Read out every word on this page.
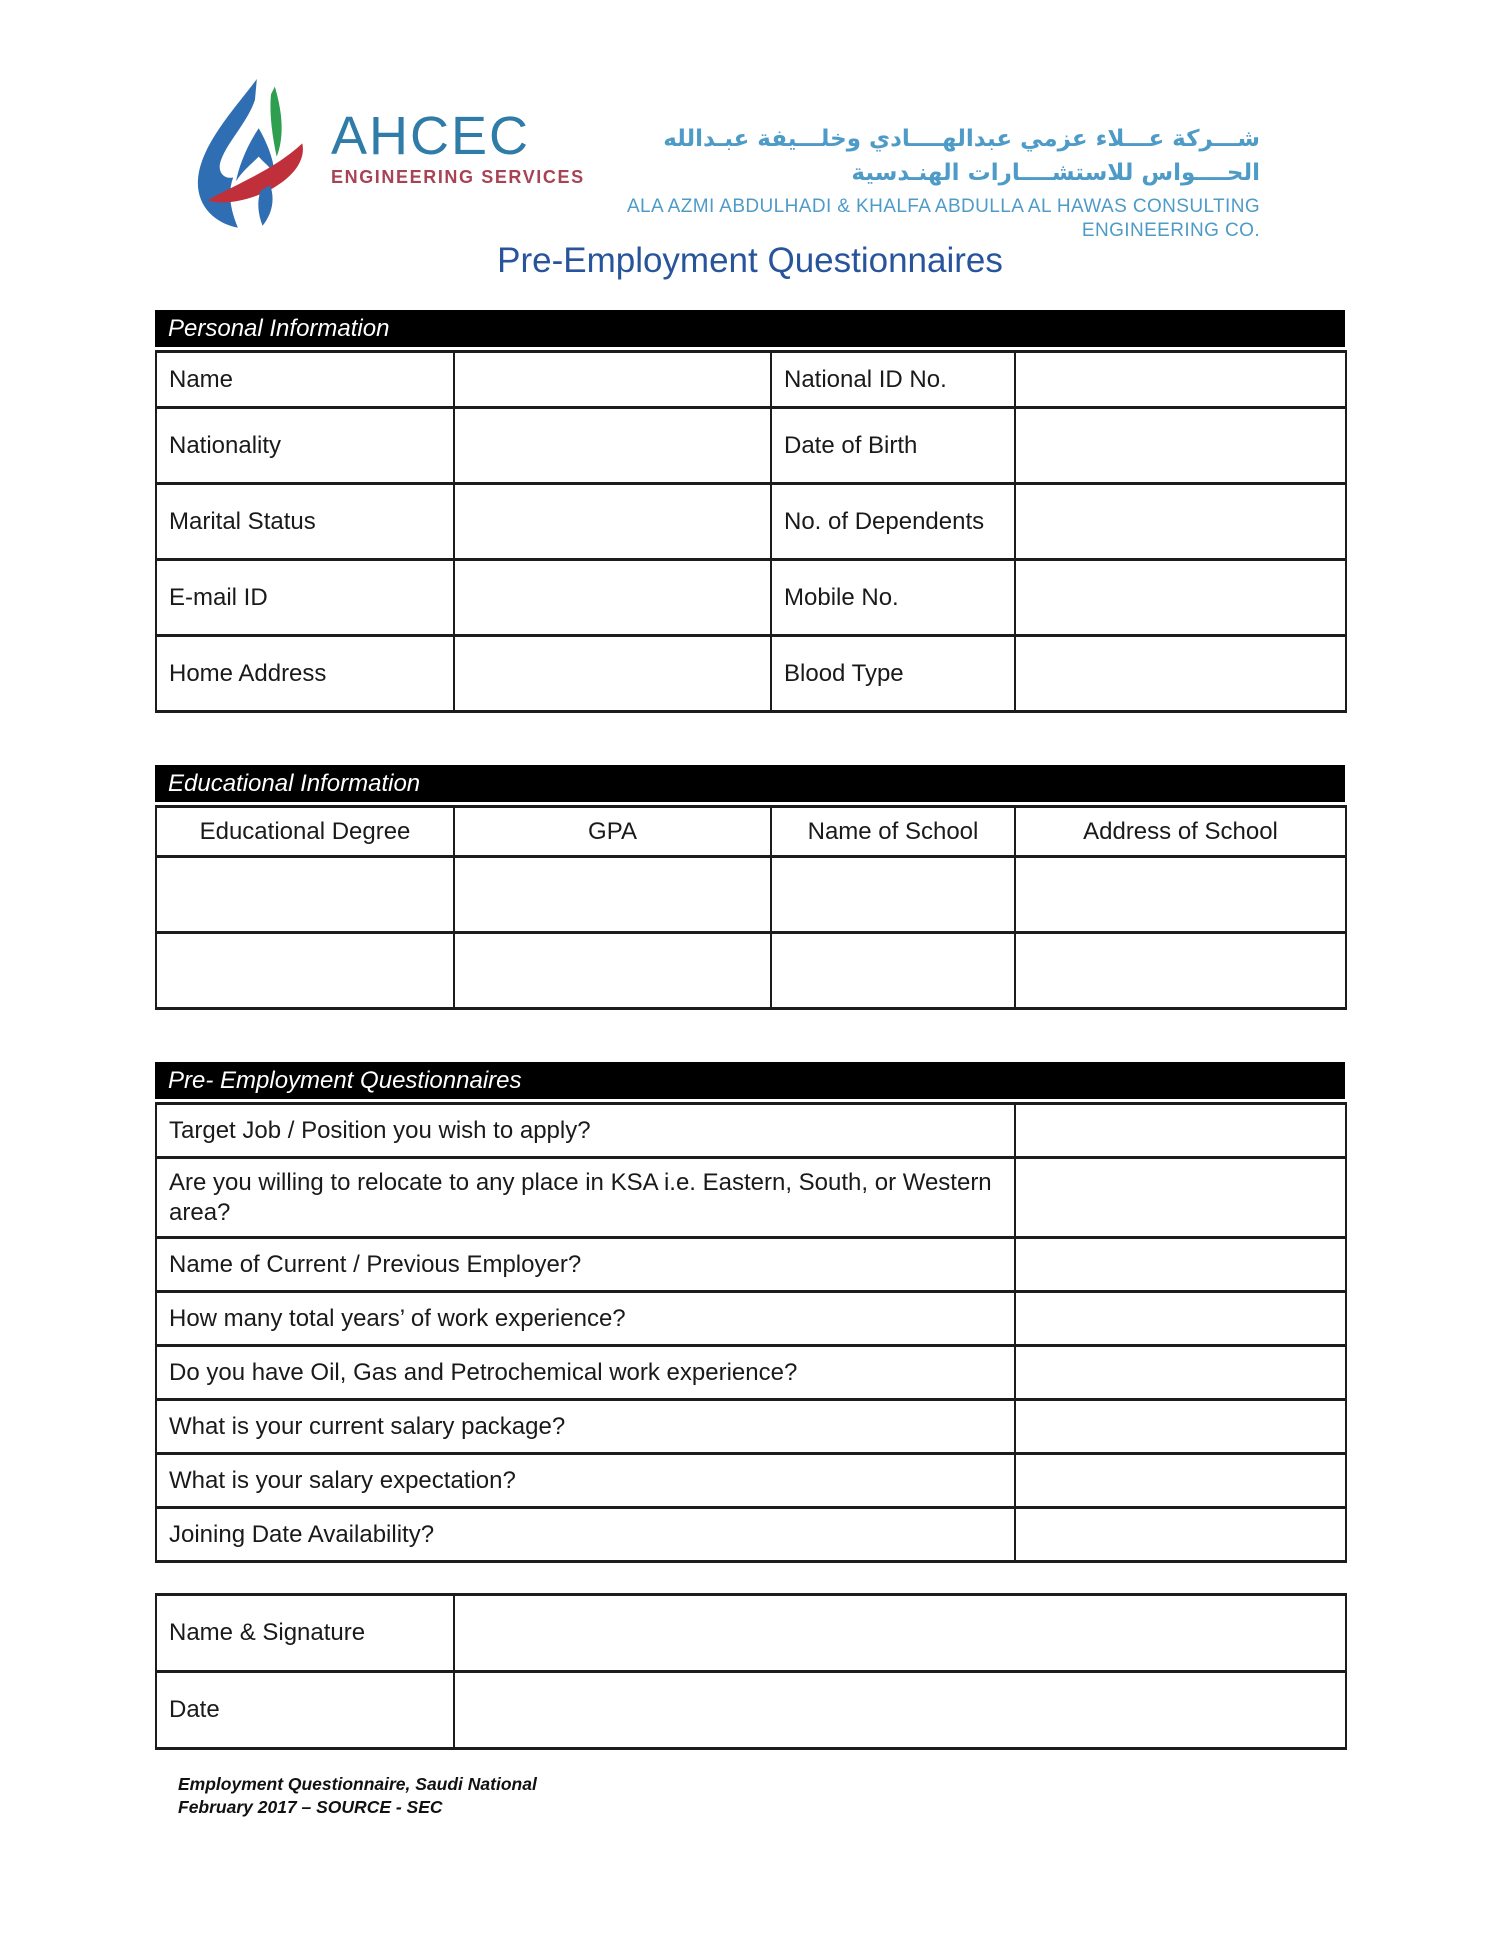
AHCEC
ENGINEERING SERVICES
شـــركة عـــلاء عزمي عبدالهــــادي وخلـــيفة عبـدالله الحــــواس للاستشــــارات الهنـدسية
ALA AZMI ABDULHADI & KHALFA ABDULLA AL HAWAS CONSULTING ENGINEERING CO.
Pre-Employment Questionnaires
Personal Information
Name		National ID No.	
Nationality		Date of Birth	
Marital Status		No. of Dependents	
E-mail ID		Mobile No.	
Home Address		Blood Type	
Educational Information
Educational Degree	GPA	Name of School	Address of School

Pre- Employment Questionnaires
Target Job / Position you wish to apply?	
Are you willing to relocate to any place in KSA i.e. Eastern, South, or Western area?	
Name of Current / Previous Employer?	
How many total years’ of work experience?	
Do you have Oil, Gas and Petrochemical work experience?	
What is your current salary package?	
What is your salary expectation?	
Joining Date Availability?	
Name & Signature	
Date	
Employment Questionnaire, Saudi National
February 2017 – SOURCE - SEC
